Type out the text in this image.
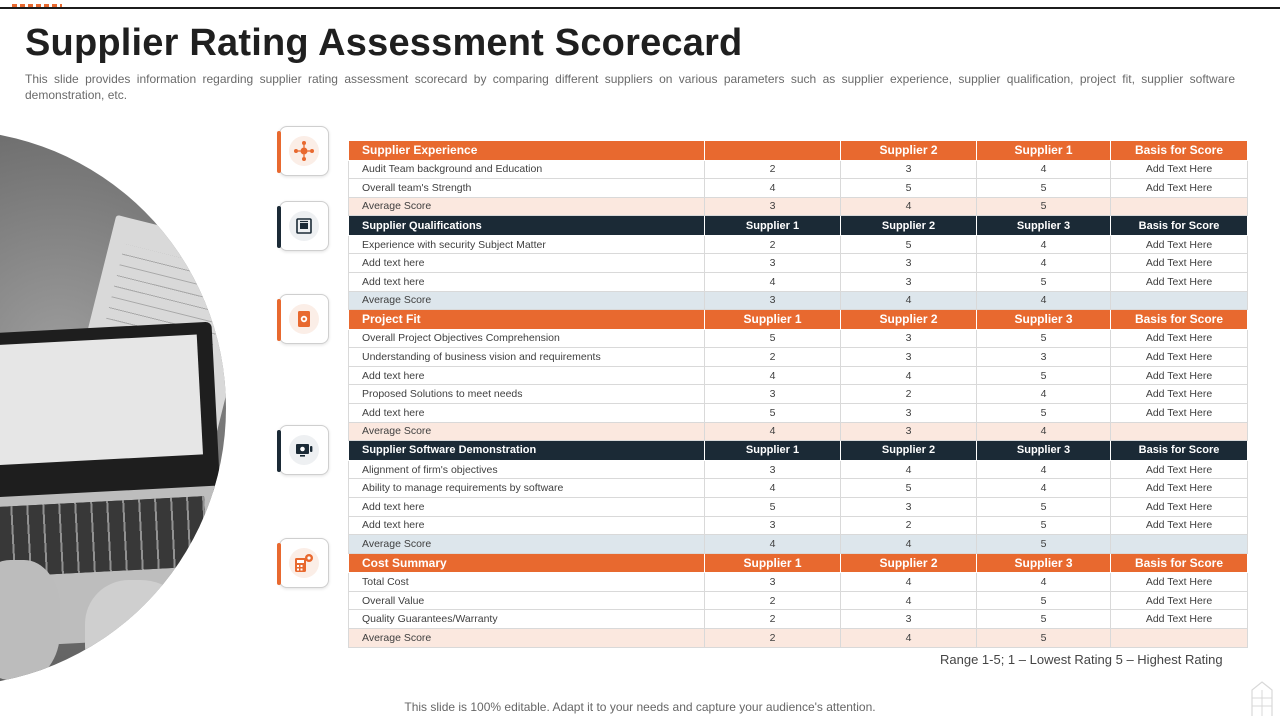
Supplier Rating Assessment Scorecard

This slide provides information regarding supplier rating assessment scorecard by comparing different suppliers on various parameters such as supplier experience, supplier qualification, project fit, supplier software demonstration, etc.

Supplier Experience		Supplier 2	Supplier 1	Basis for Score
Audit Team background and Education	2	3	4	Add Text Here
Overall team's Strength	4	5	5	Add Text Here
Average Score	3	4	5	
Supplier Qualifications	Supplier 1	Supplier 2	Supplier 3	Basis for Score
Experience with security Subject Matter	2	5	4	Add Text Here
Add text here	3	3	4	Add Text Here
Add text here	4	3	5	Add Text Here
Average Score	3	4	4	
Project Fit	Supplier 1	Supplier 2	Supplier 3	Basis for Score
Overall Project Objectives Comprehension	5	3	5	Add Text Here
Understanding of business vision and requirements	2	3	3	Add Text Here
Add text here	4	4	5	Add Text Here
Proposed Solutions to meet needs	3	2	4	Add Text Here
Add text here	5	3	5	Add Text Here
Average Score	4	3	4	
Supplier Software Demonstration	Supplier 1	Supplier 2	Supplier 3	Basis for Score
Alignment of firm's objectives	3	4	4	Add Text Here
Ability to manage requirements by software	4	5	4	Add Text Here
Add text here	5	3	5	Add Text Here
Add text here	3	2	5	Add Text Here
Average Score	4	4	5	
Cost Summary	Supplier 1	Supplier 2	Supplier 3	Basis for Score
Total Cost	3	4	4	Add Text Here
Overall Value	2	4	5	Add Text Here
Quality Guarantees/Warranty	2	3	5	Add Text Here
Average Score	2	4	5	
Range 1-5; 1 – Lowest Rating 5 – Highest Rating
This slide is 100% editable. Adapt it to your needs and capture your audience's attention.
